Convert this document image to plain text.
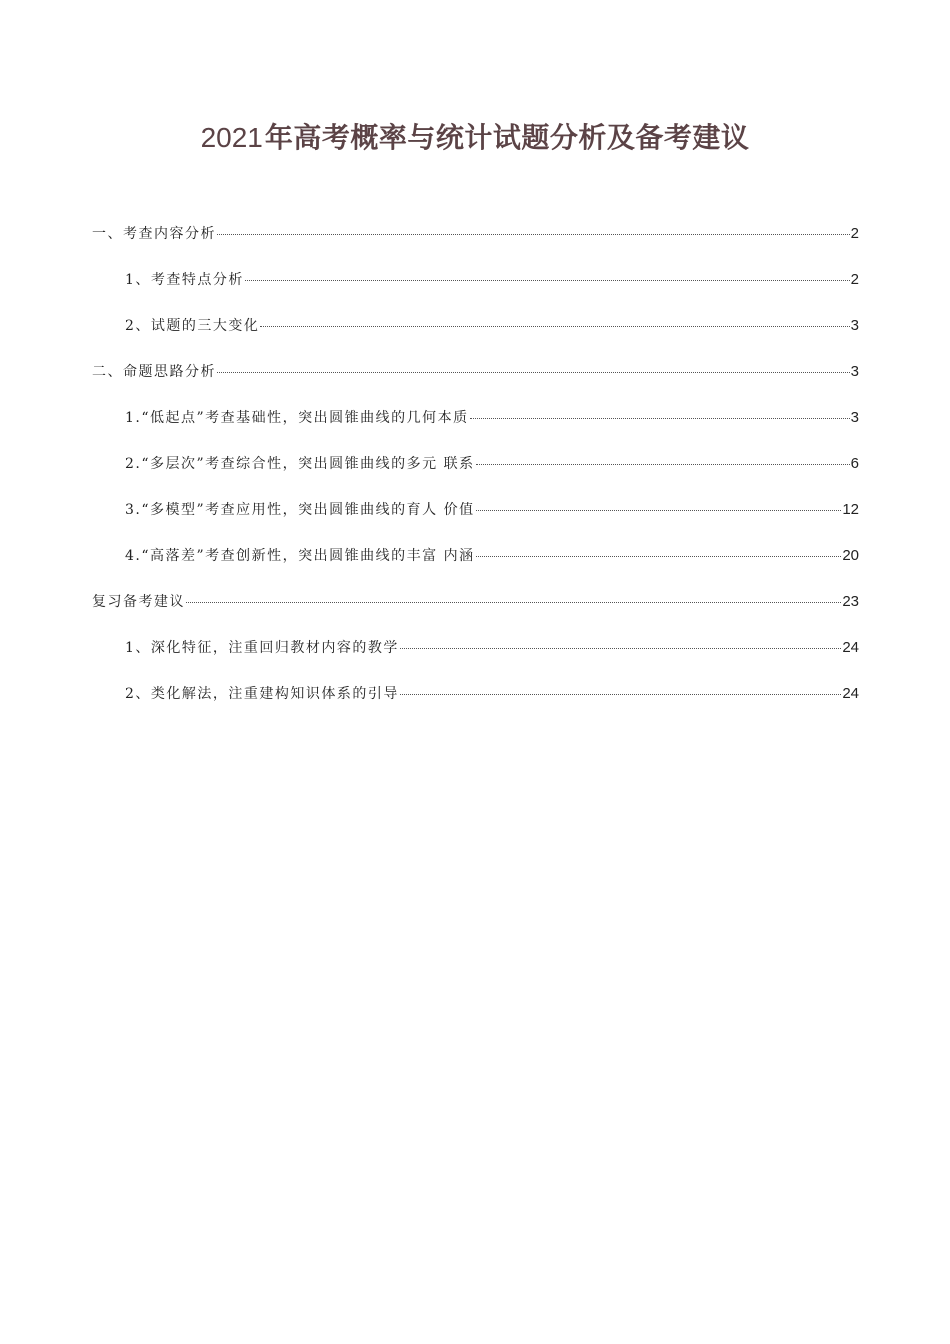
2021年高考概率与统计试题分析及备考建议
一、考查内容分析	2
1、考查特点分析	2
2、试题的三大变化	3
二、命题思路分析	3
1.“低起点”考查基础性，突出圆锥曲线的几何本质	3
2.“多层次”考查综合性，突出圆锥曲线的多元 联系	6
3.“多模型”考查应用性，突出圆锥曲线的育人 价值	12
4.“高落差”考查创新性，突出圆锥曲线的丰富 内涵	20
复习备考建议	23
1、深化特征，注重回归教材内容的教学	24
2、类化解法，注重建构知识体系的引导	24
